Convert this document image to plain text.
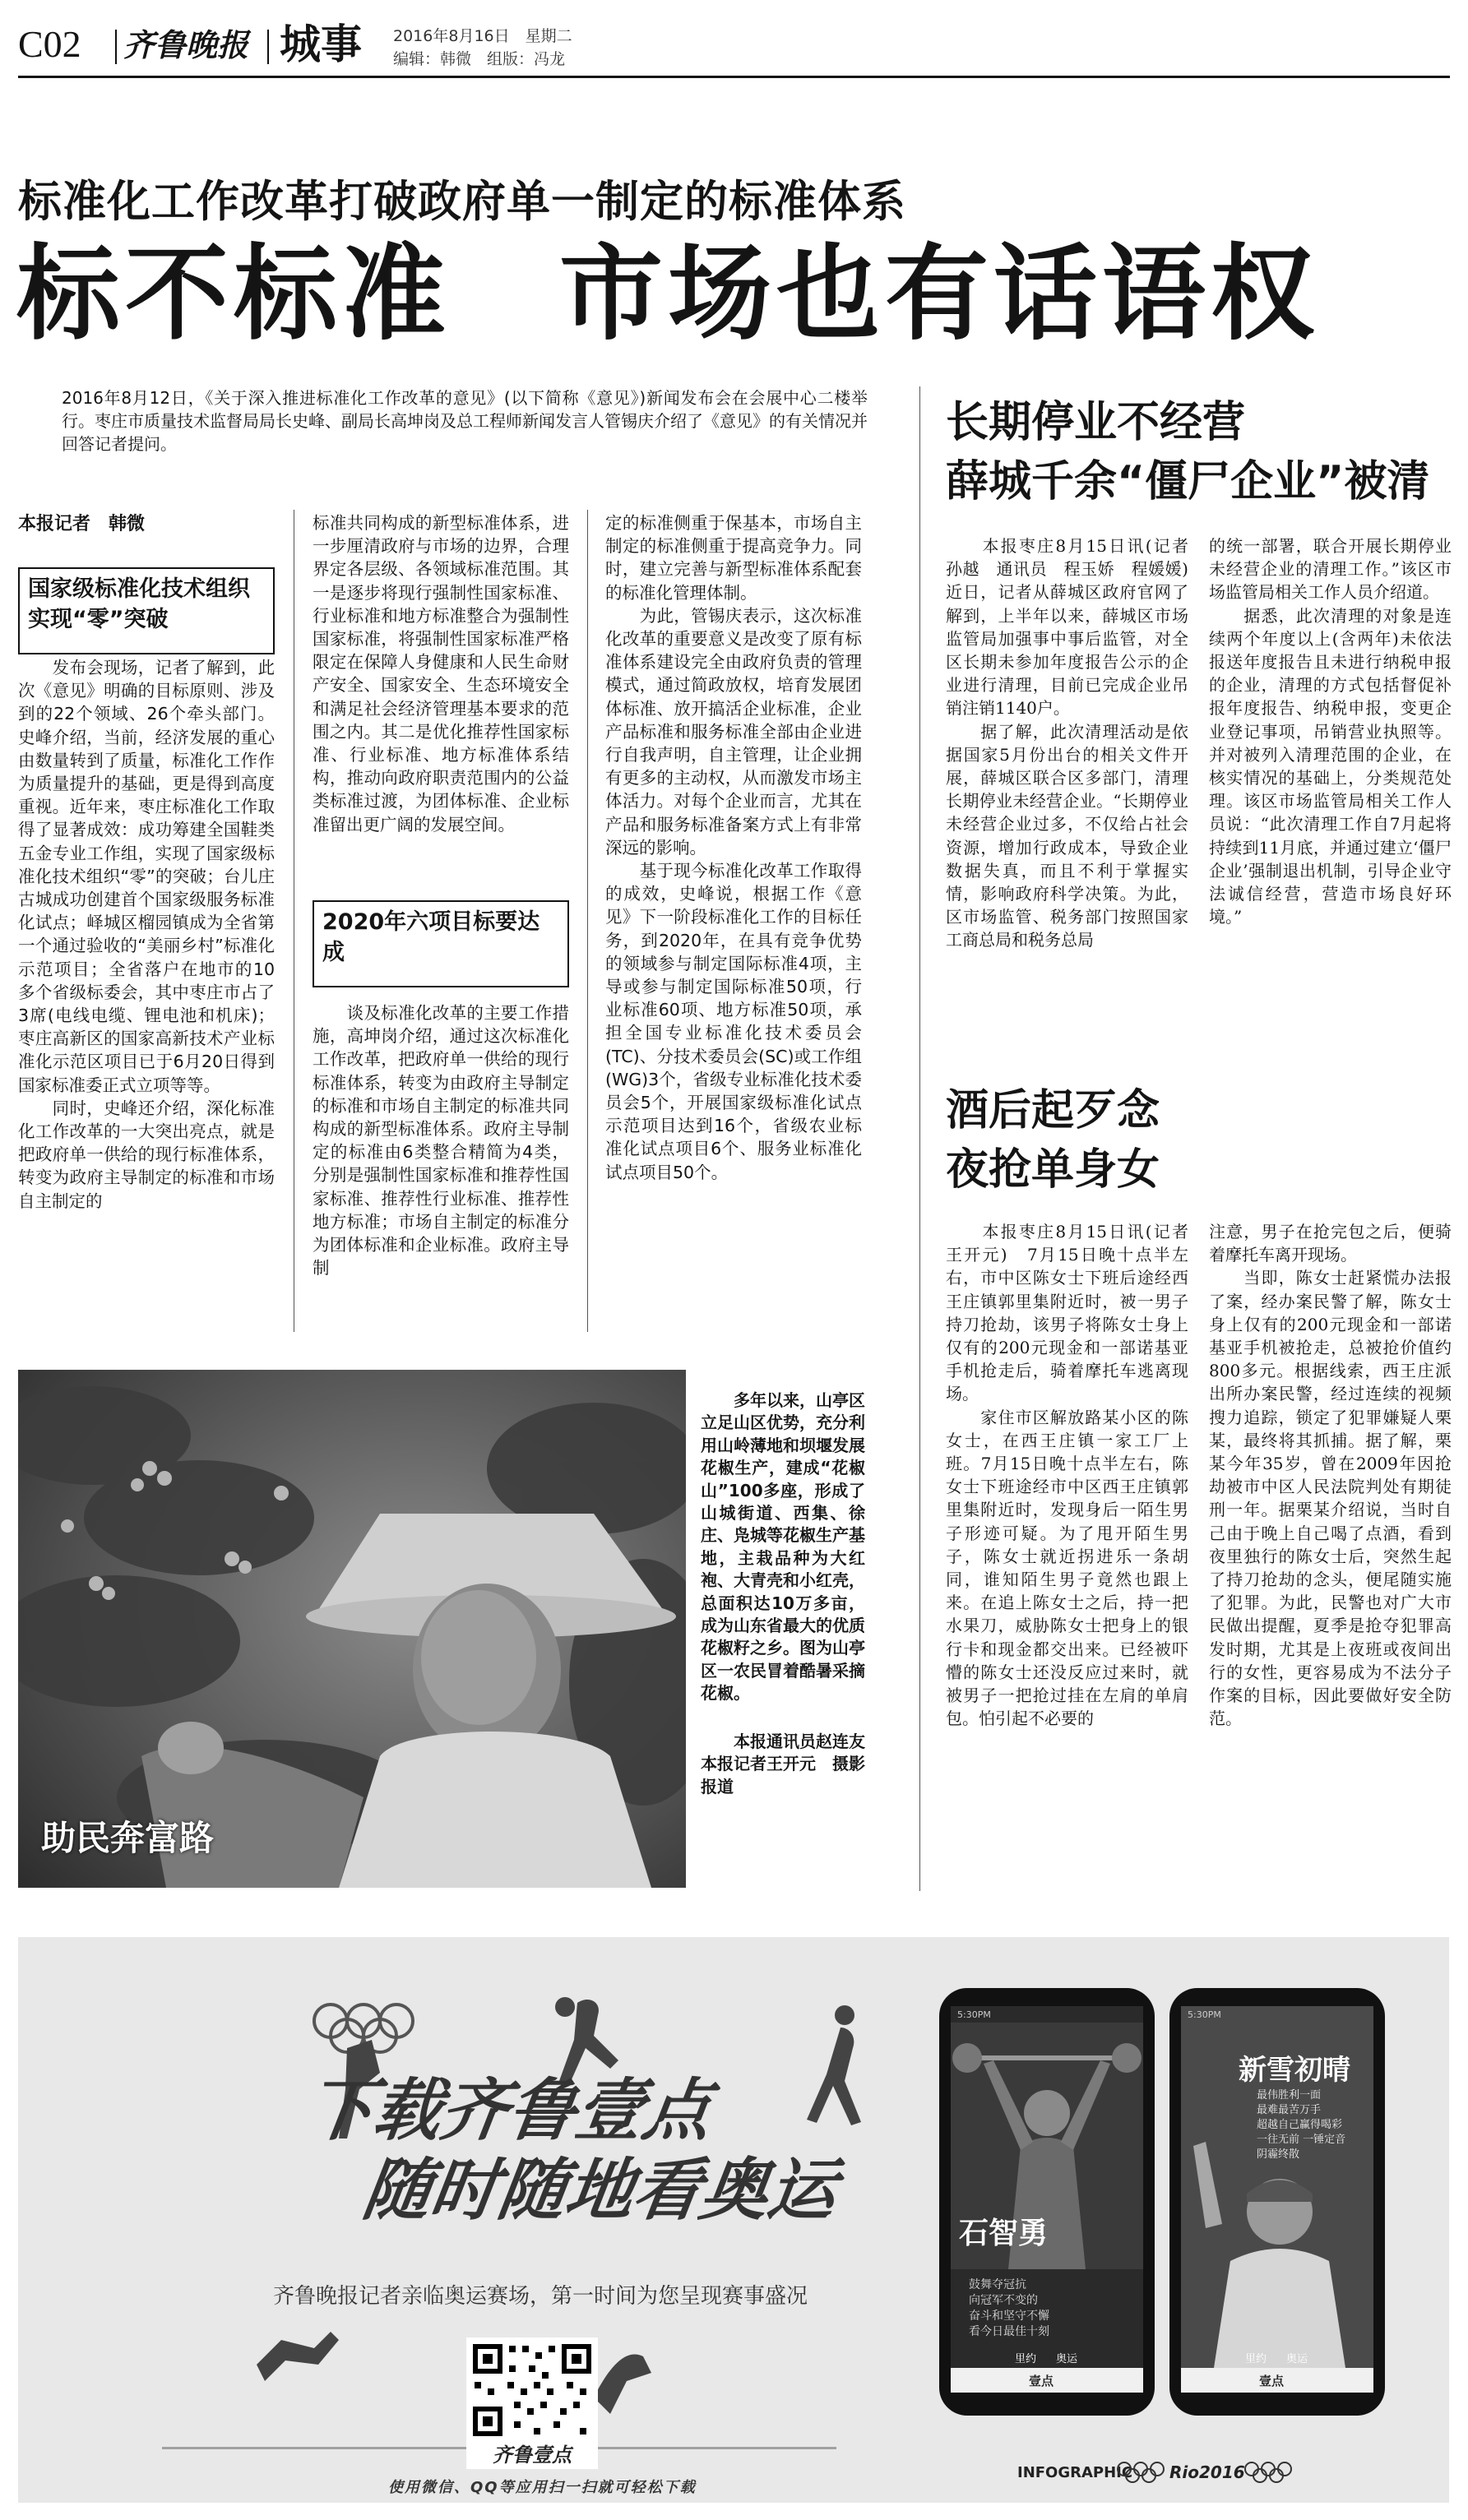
C02 齐鲁晚报 城事 2016年8月16日　星期二
编辑：韩微　组版：冯龙
标准化工作改革打破政府单一制定的标准体系
标不标准　市场也有话语权

2016年8月12日，《关于深入推进标准化工作改革的意见》(以下简称《意见》)新闻发布会在会展中心二楼举行。枣庄市质量技术监督局局长史峰、副局长高坤岗及总工程师新闻发言人管锡庆介绍了《意见》的有关情况并回答记者提问。

本报记者　韩微
国家级标准化技术组织实现“零”突破

　　发布会现场，记者了解到，此次《意见》明确的目标原则、涉及到的22个领域、26个牵头部门。史峰介绍，当前，经济发展的重心由数量转到了质量，标准化工作作为质量提升的基础，更是得到高度重视。近年来，枣庄标准化工作取得了显著成效：成功筹建全国鞋类五金专业工作组，实现了国家级标准化技术组织“零”的突破；台儿庄古城成功创建首个国家级服务标准化试点；峄城区榴园镇成为全省第一个通过验收的“美丽乡村”标准化示范项目；全省落户在地市的10多个省级标委会，其中枣庄市占了3席(电线电缆、锂电池和机床)；枣庄高新区的国家高新技术产业标准化示范区项目已于6月20日得到国家标准委正式立项等等。
　　同时，史峰还介绍，深化标准化工作改革的一大突出亮点，就是把政府单一供给的现行标准体系，转变为政府主导制定的标准和市场自主制定的

标准共同构成的新型标准体系，进一步厘清政府与市场的边界，合理界定各层级、各领域标准范围。其一是逐步将现行强制性国家标准、行业标准和地方标准整合为强制性国家标准，将强制性国家标准严格限定在保障人身健康和人民生命财产安全、国家安全、生态环境安全和满足社会经济管理基本要求的范围之内。其二是优化推荐性国家标准、行业标准、地方标准体系结构，推动向政府职责范围内的公益类标准过渡，为团体标准、企业标准留出更广阔的发展空间。

2020年六项目标要达成

　　谈及标准化改革的主要工作措施，高坤岗介绍，通过这次标准化工作改革，把政府单一供给的现行标准体系，转变为由政府主导制定的标准和市场自主制定的标准共同构成的新型标准体系。政府主导制定的标准由6类整合精简为4类，分别是强制性国家标准和推荐性国家标准、推荐性行业标准、推荐性地方标准；市场自主制定的标准分为团体标准和企业标准。政府主导制

定的标准侧重于保基本，市场自主制定的标准侧重于提高竞争力。同时，建立完善与新型标准体系配套的标准化管理体制。
　　为此，管锡庆表示，这次标准化改革的重要意义是改变了原有标准体系建设完全由政府负责的管理模式，通过简政放权，培育发展团体标准、放开搞活企业标准，企业产品标准和服务标准全部由企业进行自我声明，自主管理，让企业拥有更多的主动权，从而激发市场主体活力。对每个企业而言，尤其在产品和服务标准备案方式上有非常深远的影响。
　　基于现今标准化改革工作取得的成效，史峰说，根据工作《意见》下一阶段标准化工作的目标任务，到2020年，在具有竞争优势的领域参与制定国际标准4项，主导或参与制定国际标准50项，行业标准60项、地方标准50项，承担全国专业标准化技术委员会(TC)、分技术委员会(SC)或工作组(WG)3个，省级专业标准化技术委员会5个，开展国家级标准化试点示范项目达到16个，省级农业标准化试点项目6个、服务业标准化试点项目50个。

长期停业不经营
薛城千余“僵尸企业”被清

　　本报枣庄8月15日讯(记者　孙越　通讯员　程玉娇　程媛媛)　近日，记者从薛城区政府官网了解到，上半年以来，薛城区市场监管局加强事中事后监管，对全区长期未参加年度报告公示的企业进行清理，目前已完成企业吊销注销1140户。
　　据了解，此次清理活动是依据国家5月份出台的相关文件开展，薛城区联合区多部门，清理长期停业未经营企业。“长期停业未经营企业过多，不仅给占社会资源，增加行政成本，导致企业数据失真，而且不利于掌握实情，影响政府科学决策。为此，区市场监管、税务部门按照国家工商总局和税务总局

的统一部署，联合开展长期停业未经营企业的清理工作。”该区市场监管局相关工作人员介绍道。
　　据悉，此次清理的对象是连续两个年度以上(含两年)未依法报送年度报告且未进行纳税申报的企业，清理的方式包括督促补报年度报告、纳税申报，变更企业登记事项，吊销营业执照等。并对被列入清理范围的企业，在核实情况的基础上，分类规范处理。该区市场监管局相关工作人员说：“此次清理工作自7月起将持续到11月底，并通过建立‘僵尸企业’强制退出机制，引导企业守法诚信经营，营造市场良好环境。”

酒后起歹念
夜抢单身女

　　本报枣庄8月15日讯(记者　王开元)　7月15日晚十点半左右，市中区陈女士下班后途经西王庄镇郭里集附近时，被一男子持刀抢劫，该男子将陈女士身上仅有的200元现金和一部诺基亚手机抢走后，骑着摩托车逃离现场。
　　家住市区解放路某小区的陈女士，在西王庄镇一家工厂上班。7月15日晚十点半左右，陈女士下班途经市中区西王庄镇郭里集附近时，发现身后一陌生男子形迹可疑。为了甩开陌生男子，陈女士就近拐进乐一条胡同，谁知陌生男子竟然也跟上来。在追上陈女士之后，持一把水果刀，威胁陈女士把身上的银行卡和现金都交出来。已经被吓懵的陈女士还没反应过来时，就被男子一把抢过挂在左肩的单肩包。怕引起不必要的

注意，男子在抢完包之后，便骑着摩托车离开现场。
　　当即，陈女士赶紧慌办法报了案，经办案民警了解，陈女士身上仅有的200元现金和一部诺基亚手机被抢走，总被抢价值约800多元。根据线索，西王庄派出所办案民警，经过连续的视频搜力追踪，锁定了犯罪嫌疑人栗某，最终将其抓捕。据了解，栗某今年35岁，曾在2009年因抢劫被市中区人民法院判处有期徒刑一年。据栗某介绍说，当时自己由于晚上自己喝了点酒，看到夜里独行的陈女士后，突然生起了持刀抢劫的念头，便尾随实施了犯罪。为此，民警也对广大市民做出提醒，夏季是抢夺犯罪高发时期，尤其是上夜班或夜间出行的女性，更容易成为不法分子作案的目标，因此要做好安全防范。

助民奔富路

　　多年以来，山亭区立足山区优势，充分利用山岭薄地和坝堰发展花椒生产，建成“花椒山”100多座，形成了山城街道、西集、徐庄、凫城等花椒生产基地，主栽品种为大红袍、大青壳和小红壳，总面积达10万多亩，成为山东省最大的优质花椒籽之乡。图为山亭区一农民冒着酷暑采摘花椒。

　　本报通讯员赵连友　本报记者王开元　摄影报道

下载齐鲁壹点
随时随地看奥运
齐鲁晚报记者亲临奥运赛场，第一时间为您呈现赛事盛况
齐鲁壹点
使用微信、QQ等应用扫一扫就可轻松下载
5:30PM
石智勇

鼓舞夺冠抗
向冠军不变的
奋斗和坚守不懈
看今日最佳十刻

里约 奥运
壹点
5:30PM
新雪初晴

最伟胜利一面
最难最苦万手
超越自己赢得喝彩
一往无前 一锤定音
阴霾终散

里约 奥运
壹点
INFOGRAPHIC Rio2016
